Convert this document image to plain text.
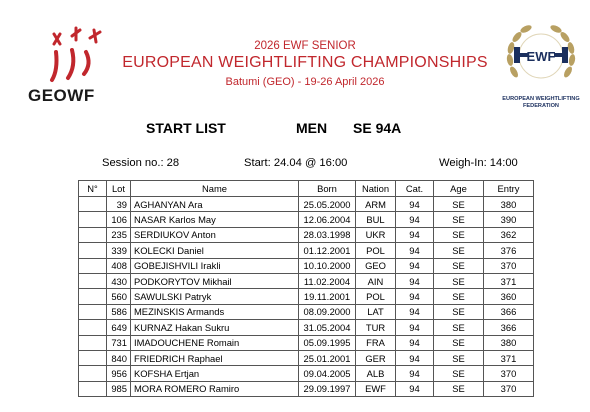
GEOWF
2026 EWF SENIOR
EUROPEAN WEIGHTLIFTING CHAMPIONSHIPS
Batumi (GEO) - 19-26 April 2026
EWF
EUROPEAN WEIGHTLIFTING
FEDERATION
START LIST	MEN SE 94A
Session no.: 28	Start: 24.04 @ 16:00	Weigh-In: 14:00
N°	Lot	Name	Born	Nation	Cat.	Age	Entry
	39	AGHANYAN Ara	25.05.2000	ARM	94	SE	380
	106	NASAR Karlos May	12.06.2004	BUL	94	SE	390
	235	SERDIUKOV Anton	28.03.1998	UKR	94	SE	362
	339	KOLECKI Daniel	01.12.2001	POL	94	SE	376
	408	GOBEJISHVILI Irakli	10.10.2000	GEO	94	SE	370
	430	PODKORYTOV Mikhail	11.02.2004	AIN	94	SE	371
	560	SAWULSKI Patryk	19.11.2001	POL	94	SE	360
	586	MEZINSKIS Armands	08.09.2000	LAT	94	SE	366
	649	KURNAZ Hakan Sukru	31.05.2004	TUR	94	SE	366
	731	IMADOUCHENE Romain	05.09.1995	FRA	94	SE	380
	840	FRIEDRICH Raphael	25.01.2001	GER	94	SE	371
	956	KOFSHA Ertjan	09.04.2005	ALB	94	SE	370
	985	MORA ROMERO Ramiro	29.09.1997	EWF	94	SE	370
